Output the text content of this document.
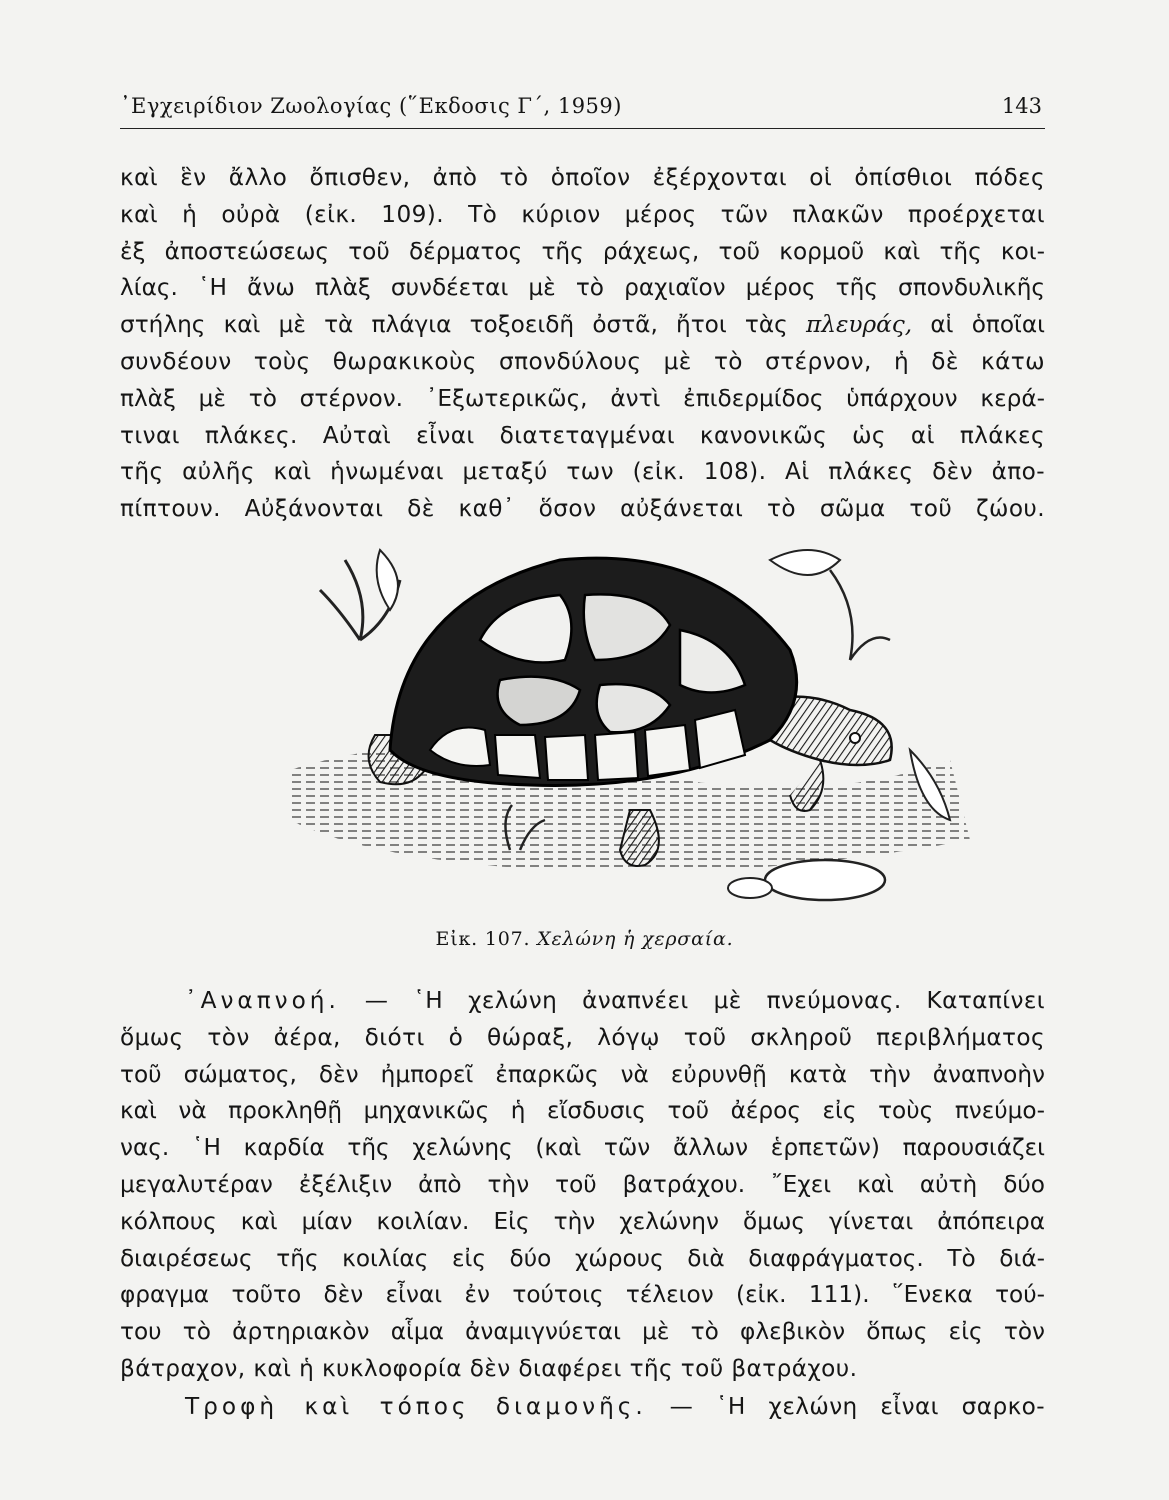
᾿Εγχειρίδιον Ζωολογίας (῞Εκδοσις Γ΄, 1959)	143

καὶ ἓν ἄλλο ὄπισθεν, ἀπὸ τὸ ὁποῖον ἐξέρχονται οἱ ὀπίσθιοι πόδες
καὶ ἡ οὐρὰ (εἰκ. 109). Τὸ κύριον μέρος τῶν πλακῶν προέρχεται
ἐξ ἀποστεώσεως τοῦ δέρματος τῆς ράχεως, τοῦ κορμοῦ καὶ τῆς κοι-
λίας. ῾Η ἄνω πλὰξ συνδέεται μὲ τὸ ραχιαῖον μέρος τῆς σπονδυλικῆς
στήλης καὶ μὲ τὰ πλάγια τοξοειδῆ ὀστᾶ, ἤτοι τὰς πλευράς, αἱ ὁποῖαι
συνδέουν τοὺς θωρακικοὺς σπονδύλους μὲ τὸ στέρνον, ἡ δὲ κάτω
πλὰξ μὲ τὸ στέρνον. ᾿Εξωτερικῶς, ἀντὶ ἐπιδερμίδος ὑπάρχουν κερά-
τιναι πλάκες. Αὐταὶ εἶναι διατεταγμέναι κανονικῶς ὡς αἱ πλάκες
τῆς αὐλῆς καὶ ἡνωμέναι μεταξύ των (εἰκ. 108). Αἱ πλάκες δὲν ἀπο-
πίπτουν. Αὐξάνονται δὲ καθ᾿ ὅσον αὐξάνεται τὸ σῶμα τοῦ ζώου.

Εἰκ. 107. Χελώνη ἡ χερσαία.

᾿Αναπνοή. — ῾Η χελώνη ἀναπνέει μὲ πνεύμονας. Καταπίνει
ὅμως τὸν ἀέρα, διότι ὁ θώραξ, λόγῳ τοῦ σκληροῦ περιβλήματος
τοῦ σώματος, δὲν ἠμπορεῖ ἐπαρκῶς νὰ εὐρυνθῇ κατὰ τὴν ἀναπνοὴν
καὶ νὰ προκληθῇ μηχανικῶς ἡ εἴσδυσις τοῦ ἀέρος εἰς τοὺς πνεύμο-
νας. ῾Η καρδία τῆς χελώνης (καὶ τῶν ἄλλων ἑρπετῶν) παρουσιάζει
μεγαλυτέραν ἐξέλιξιν ἀπὸ τὴν τοῦ βατράχου. ῎Εχει καὶ αὐτὴ δύο
κόλπους καὶ μίαν κοιλίαν. Εἰς τὴν χελώνην ὅμως γίνεται ἀπόπειρα
διαιρέσεως τῆς κοιλίας εἰς δύο χώρους διὰ διαφράγματος. Τὸ διά-
φραγμα τοῦτο δὲν εἶναι ἐν τούτοις τέλειον (εἰκ. 111). ῞Ενεκα τού-
του τὸ ἀρτηριακὸν αἷμα ἀναμιγνύεται μὲ τὸ φλεβικὸν ὅπως εἰς τὸν
βάτραχον, καὶ ἡ κυκλοφορία δὲν διαφέρει τῆς τοῦ βατράχου.

Τροφὴ καὶ τόπος διαμονῆς. — ῾Η χελώνη εἶναι σαρκο-
